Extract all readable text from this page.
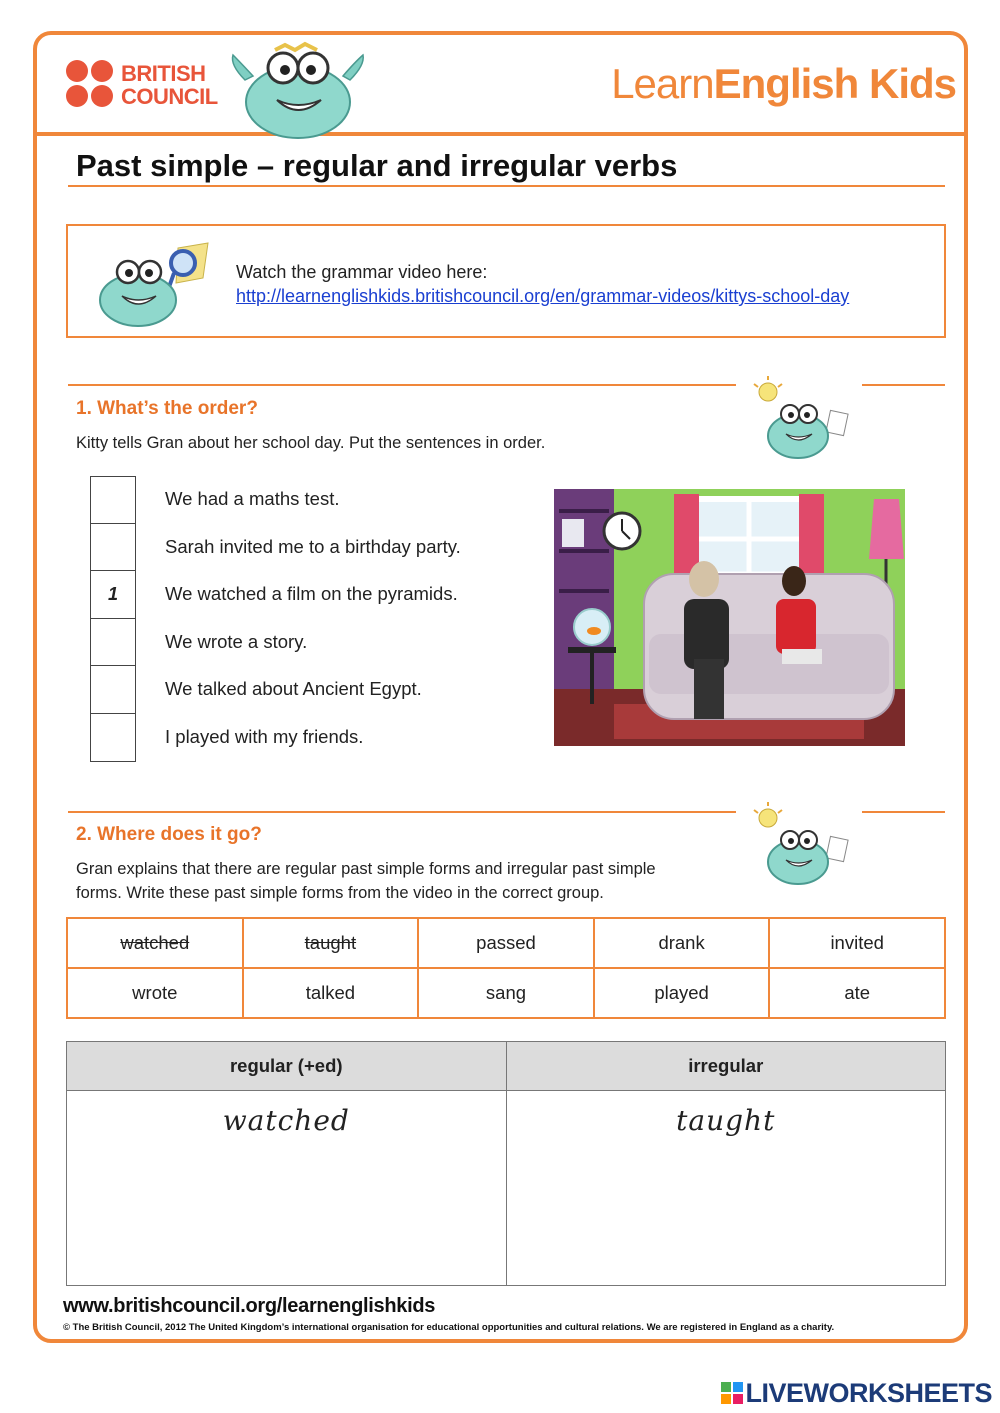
BRITISH
COUNCIL	LearnEnglish Kids
Past simple – regular and irregular verbs
Watch the grammar video here:
http://learnenglishkids.britishcouncil.org/en/grammar-videos/kittys-school-day
1. What’s the order?
Kitty tells Gran about her school day. Put the sentences in order.
We had a maths test.
Sarah invited me to a birthday party.
1	We watched a film on the pyramids.
We wrote a story.
We talked about Ancient Egypt.
I played with my friends.
2. Where does it go?
Gran explains that there are regular past simple forms and irregular past simple
forms. Write these past simple forms from the video in the correct group.
watched	taught	passed	drank	invited
wrote	talked	sang	played	ate
regular (+ed)	irregular
watched	taught
www.britishcouncil.org/learnenglishkids
© The British Council, 2012 The United Kingdom’s international organisation for educational opportunities and cultural relations. We are registered in England as a charity.
LIVEWORKSHEETS
